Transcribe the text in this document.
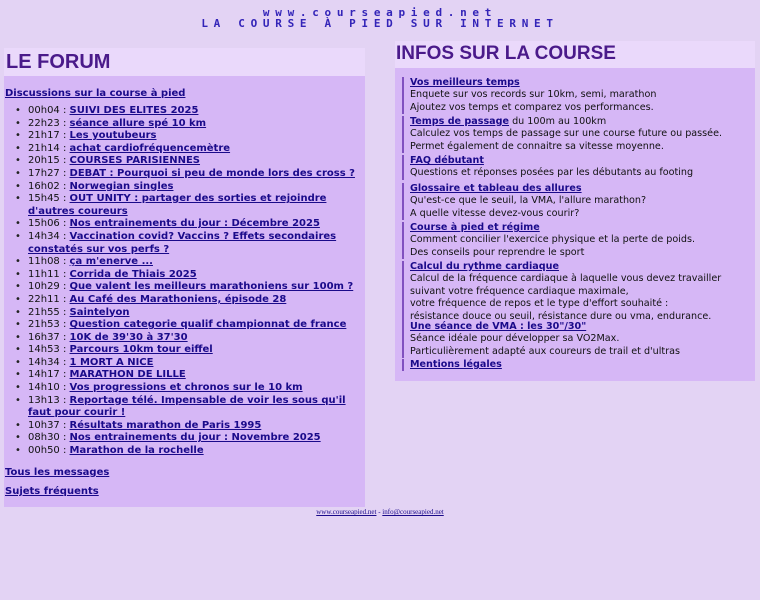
www.courseapied.net
LA COURSE À PIED SUR INTERNET
LE FORUM
Discussions sur la course à pied
• 00h04 : SUIVI DES ELITES 2025
• 22h23 : séance allure spé 10 km
• 21h17 : Les youtubeurs
• 21h14 : achat cardiofréquencemètre
• 20h15 : COURSES PARISIENNES
• 17h27 : DEBAT : Pourquoi si peu de monde lors des cross ?
• 16h02 : Norwegian singles
• 15h45 : OUT UNITY : partager des sorties et rejoindre d'autres coureurs
• 15h06 : Nos entrainements du jour : Décembre 2025
• 14h34 : Vaccination covid? Vaccins ? Effets secondaires constatés sur vos perfs ?
• 11h08 : ça m'enerve ...
• 11h11 : Corrida de Thiais 2025
• 10h29 : Que valent les meilleurs marathoniens sur 100m ?
• 22h11 : Au Café des Marathoniens, épisode 28
• 21h55 : Saintelyon
• 21h53 : Question categorie qualif championnat de france
• 16h37 : 10K de 39'30 à 37'30
• 14h53 : Parcours 10km tour eiffel
• 14h34 : 1 MORT A NICE
• 14h17 : MARATHON DE LILLE
• 14h10 : Vos progressions et chronos sur le 10 km
• 13h13 : Reportage télé. Impensable de voir les sous qu'il faut pour courir !
• 10h37 : Résultats marathon de Paris 1995
• 08h30 : Nos entrainements du jour : Novembre 2025
• 00h50 : Marathon de la rochelle
Tous les messages
Sujets fréquents
INFOS SUR LA COURSE
Vos meilleurs temps
Enquete sur vos records sur 10km, semi, marathon
Ajoutez vos temps et comparez vos performances.
Temps de passage du 100m au 100km
Calculez vos temps de passage sur une course future ou passée.
Permet également de connaitre sa vitesse moyenne.
FAQ débutant
Questions et réponses posées par les débutants au footing
Glossaire et tableau des allures
Qu'est-ce que le seuil, la VMA, l'allure marathon?
A quelle vitesse devez-vous courir?
Course à pied et régime
Comment concilier l'exercice physique et la perte de poids.
Des conseils pour reprendre le sport
Calcul du rythme cardiaque
Calcul de la fréquence cardiaque à laquelle vous devez travailler
suivant votre fréquence cardiaque maximale,
votre fréquence de repos et le type d'effort souhaité :
résistance douce ou seuil, résistance dure ou vma, endurance.
Une séance de VMA : les 30"/30"
Séance idéale pour développer sa VO2Max.
Particulièrement adapté aux coureurs de trail et d'ultras
Mentions légales
www.courseapied.net - info@courseapied.net
